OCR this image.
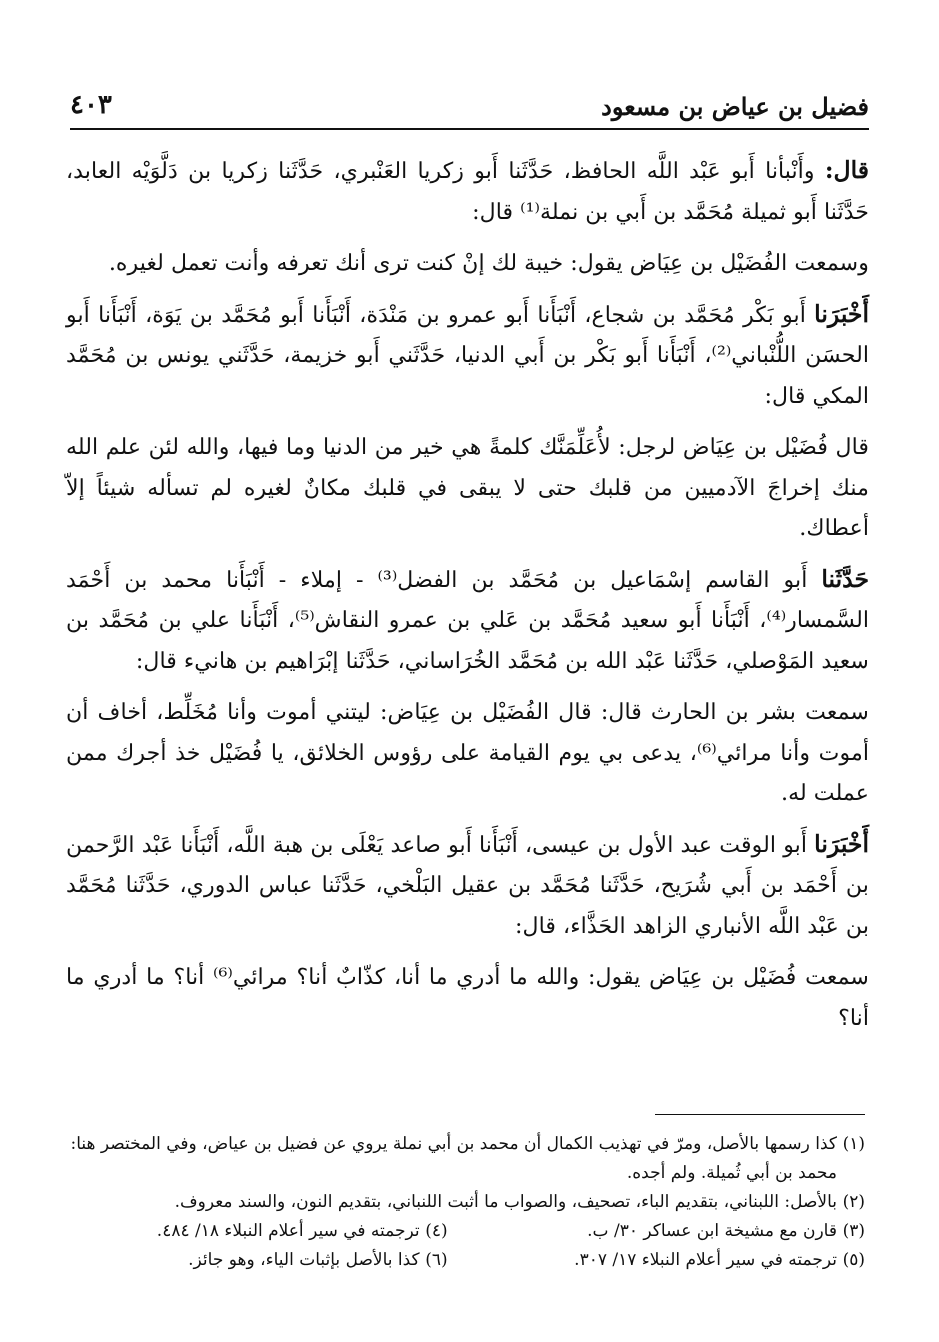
فضيل بن عياض بن مسعود
٤٠٣

قال: وأَنْبأنا أَبو عَبْد اللَّه الحافظ، حَدَّثَنا أَبو زكريا العَنْبري، حَدَّثَنا زكريا بن دَلَّوَيْه العابد، حَدَّثَنا أَبو ثميلة مُحَمَّد بن أَبي بن نملة⁽¹⁾ قال:

وسمعت الفُضَيْل بن عِيَاض يقول: خيبة لك إنْ كنت ترى أنك تعرفه وأنت تعمل لغيره.

أَخْبَرَنا أَبو بَكْر مُحَمَّد بن شجاع، أَنْبَأَنا أَبو عمرو بن مَنْدَة، أَنْبَأَنا أَبو مُحَمَّد بن يَوَة، أَنْبَأَنا أَبو الحسَن اللُّنْباني⁽²⁾، أَنْبَأَنا أَبو بَكْر بن أَبي الدنيا، حَدَّثَني أَبو خزيمة، حَدَّثَني يونس بن مُحَمَّد المكي قال:

قال فُضَيْل بن عِيَاض لرجل: لأُعَلِّمَنَّك كلمةً هي خير من الدنيا وما فيها، والله لئن علم الله منك إخراجَ الآدميين من قلبك حتى لا يبقى في قلبك مكانٌ لغيره لم تسأله شيئاً إلاّ أعطاك.

حَدَّثَنا أَبو القاسم إسْمَاعيل بن مُحَمَّد بن الفضل⁽³⁾ - إملاء - أَنْبَأَنا محمد بن أَحْمَد السَّمسار⁽⁴⁾، أَنْبَأَنا أَبو سعيد مُحَمَّد بن عَلي بن عمرو النقاش⁽⁵⁾، أَنْبَأَنا علي بن مُحَمَّد بن سعيد المَوْصلي، حَدَّثَنا عَبْد الله بن مُحَمَّد الخُرَاساني، حَدَّثَنا إبْرَاهيم بن هانيء قال:

سمعت بشر بن الحارث قال: قال الفُضَيْل بن عِيَاض: ليتني أموت وأنا مُخَلِّط، أخاف أن أموت وأنا مرائي⁽⁶⁾، يدعى بي يوم القيامة على رؤوس الخلائق، يا فُضَيْل خذ أجرك ممن عملت له.

أَخْبَرَنا أَبو الوقت عبد الأول بن عيسى، أَنْبَأَنا أَبو صاعد يَعْلَى بن هبة اللَّه، أَنْبَأَنا عَبْد الرَّحمن بن أَحْمَد بن أَبي شُرَيح، حَدَّثَنا مُحَمَّد بن عقيل البَلْخي، حَدَّثَنا عباس الدوري، حَدَّثَنا مُحَمَّد بن عَبْد اللَّه الأنباري الزاهد الحَذَّاء، قال:

سمعت فُضَيْل بن عِيَاض يقول: والله ما أدري ما أنا، كذّابٌ أنا؟ مرائي⁽⁶⁾ أنا؟ ما أدري ما أنا؟

(١)
كذا رسمها بالأصل، ومرّ في تهذيب الكمال أن محمد بن أبي نملة يروي عن فضيل بن عياض، وفي المختصر هنا: محمد بن أبي ثُميلة. ولم أجده.
(٢)
بالأصل: اللبناني، بتقديم الباء، تصحيف، والصواب ما أثبت اللنباني، بتقديم النون، والسند معروف.
(٣)
قارن مع مشيخة ابن عساكر ٣٠/ ب.
(٤)
ترجمته في سير أعلام النبلاء ١٨/ ٤٨٤.
(٥)
ترجمته في سير أعلام النبلاء ١٧/ ٣٠٧.
(٦)
كذا بالأصل بإثبات الياء، وهو جائز.
